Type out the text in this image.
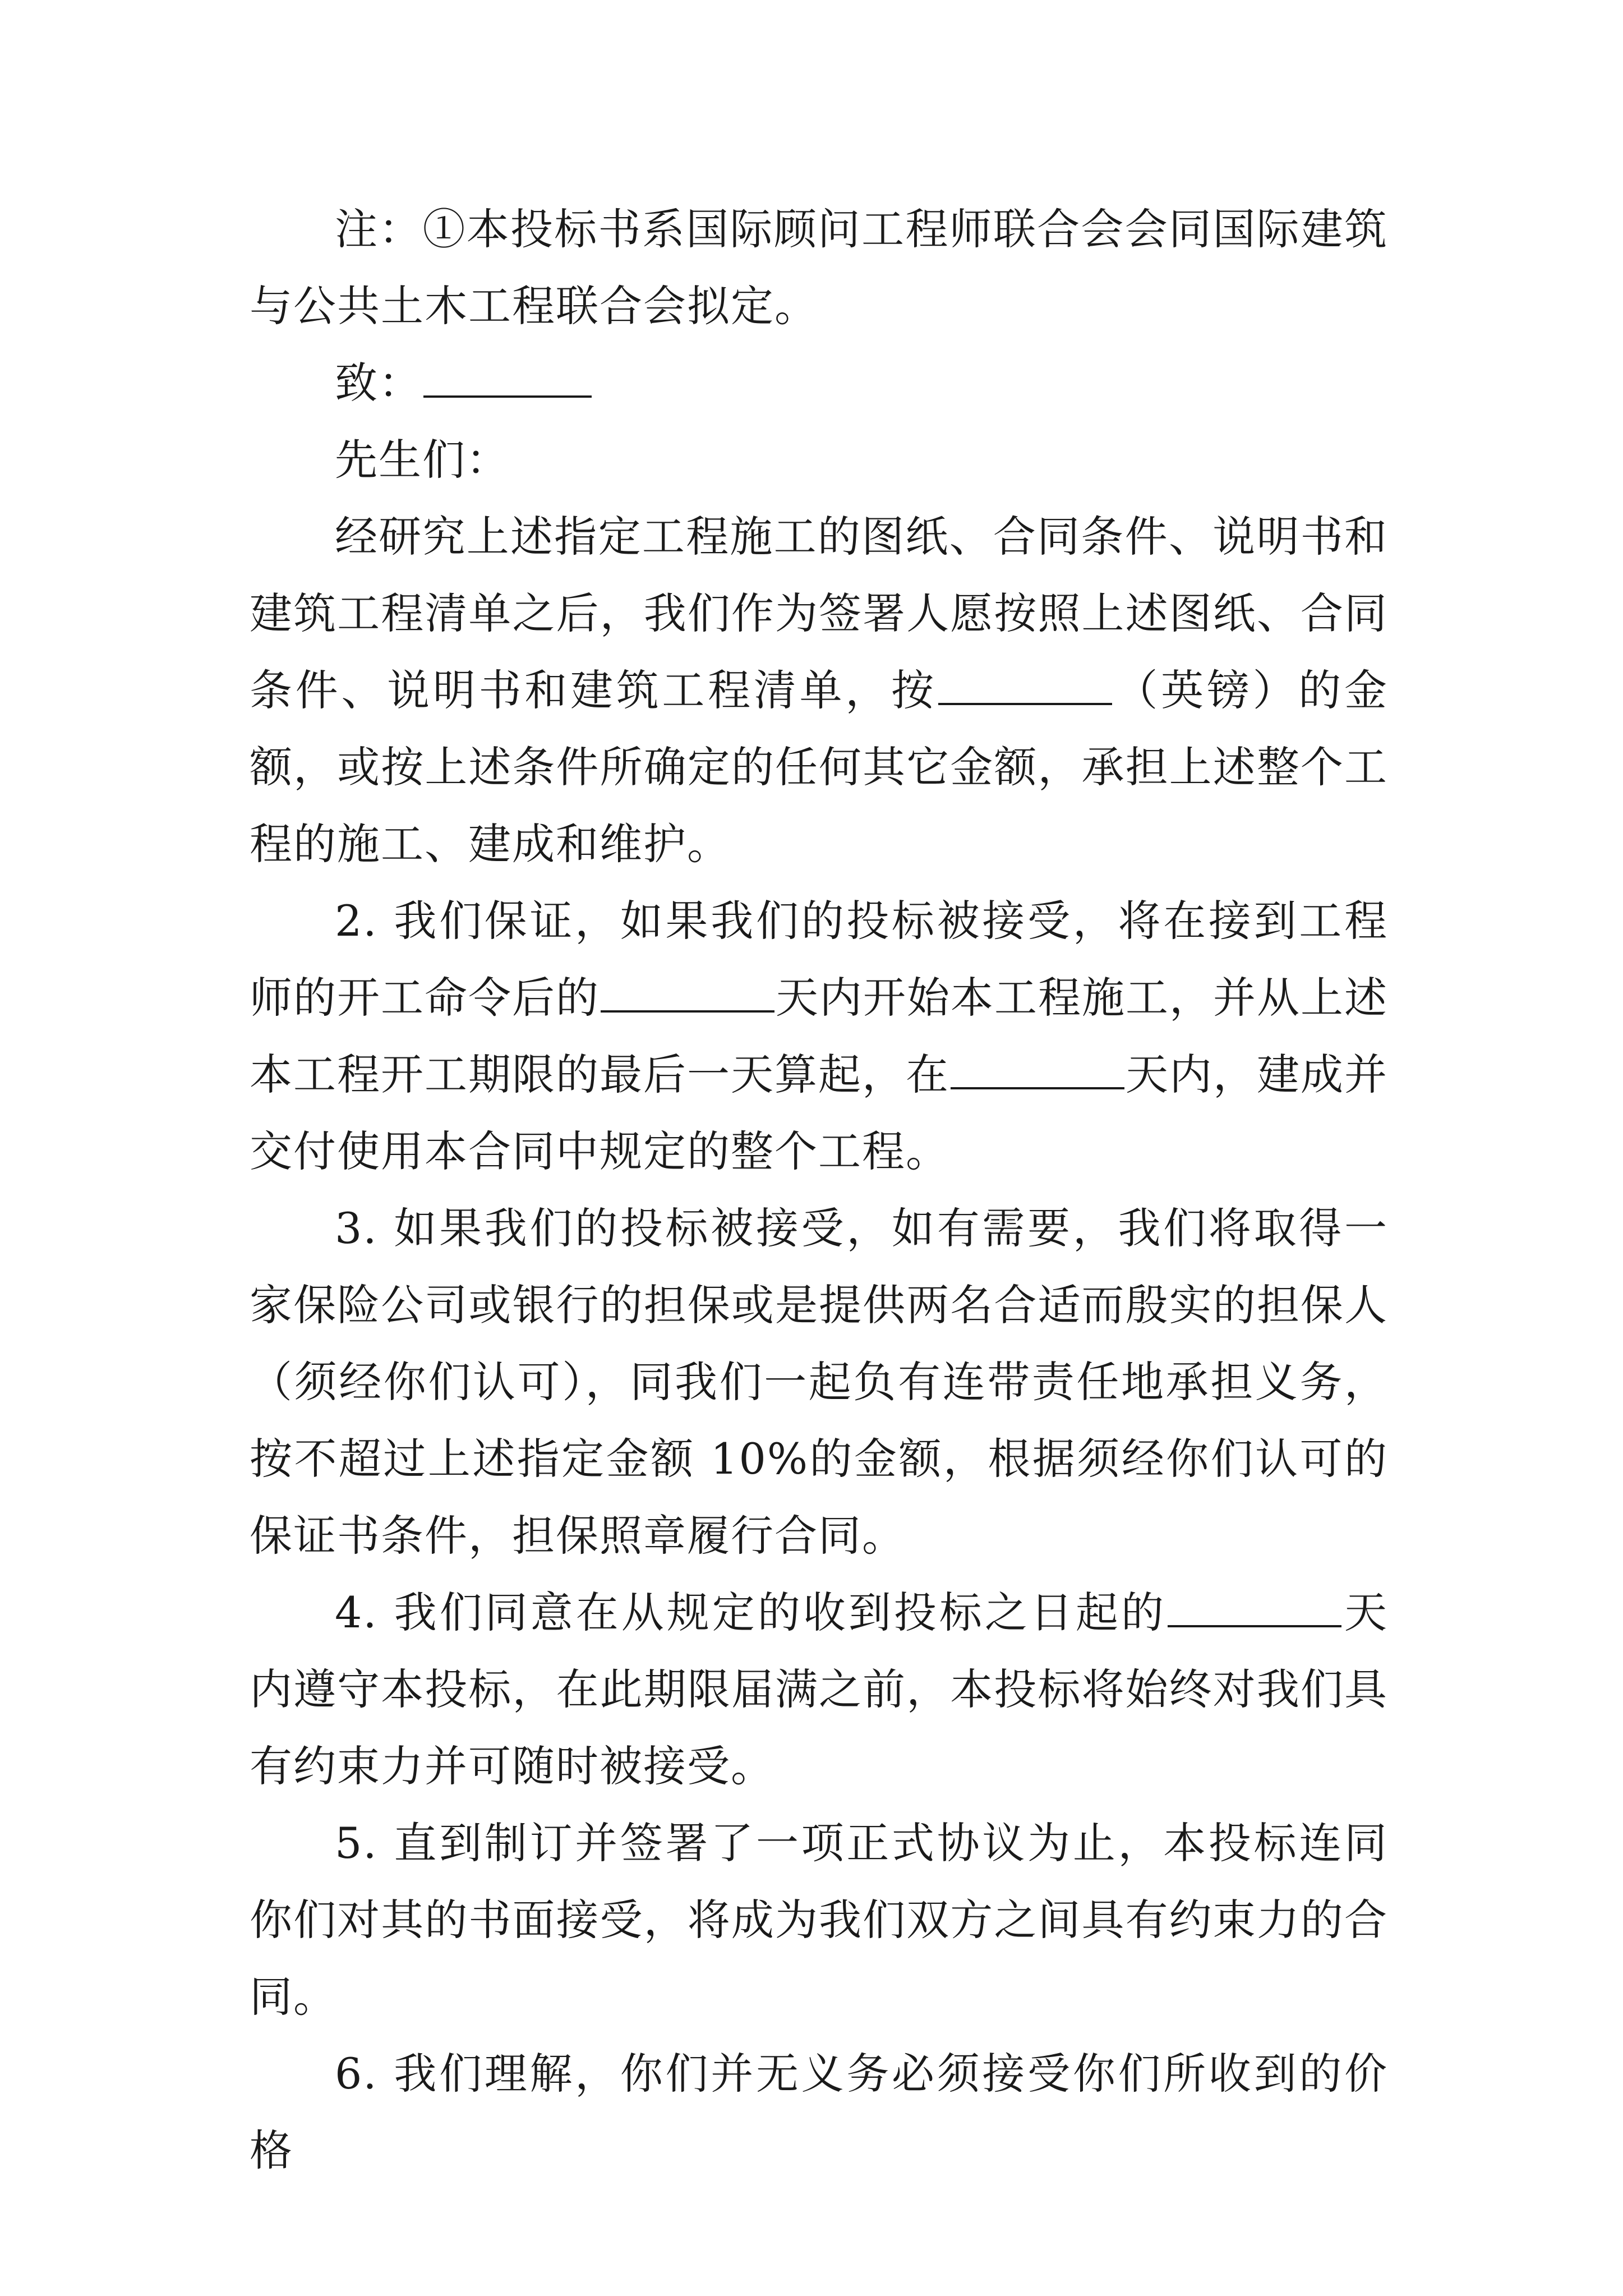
注：①本投标书系国际顾问工程师联合会会同国际建筑与公共土木工程联合会拟定。

致：

先生们：

经研究上述指定工程施工的图纸、合同条件、说明书和建筑工程清单之后，我们作为签署人愿按照上述图纸、合同条件、说明书和建筑工程清单，按	（英镑）的金额，或按上述条件所确定的任何其它金额，承担上述整个工程的施工、建成和维护。

2. 我们保证，如果我们的投标被接受，将在接到工程师的开工命令后的	天内开始本工程施工，并从上述本工程开工期限的最后一天算起，在	天内，建成并交付使用本合同中规定的整个工程。

3. 如果我们的投标被接受，如有需要，我们将取得一家保险公司或银行的担保或是提供两名合适而殷实的担保人（须经你们认可），同我们一起负有连带责任地承担义务，按不超过上述指定金额 10%的金额，根据须经你们认可的保证书条件，担保照章履行合同。

4. 我们同意在从规定的收到投标之日起的	天内遵守本投标，在此期限届满之前，本投标将始终对我们具有约束力并可随时被接受。

5. 直到制订并签署了一项正式协议为止，本投标连同你们对其的书面接受，将成为我们双方之间具有约束力的合同。

6. 我们理解，你们并无义务必须接受你们所收到的价格
